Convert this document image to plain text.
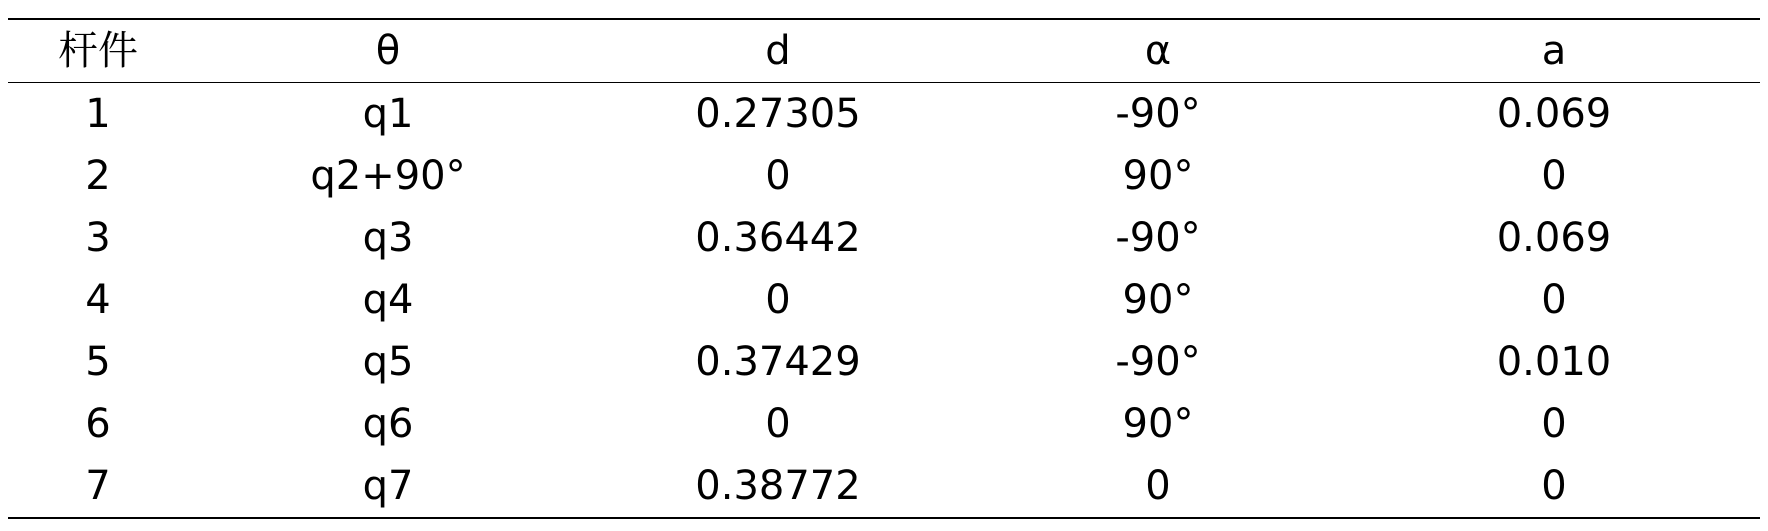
杆件	θ	d	α	a
1	q1	0.27305	-90°	0.069
2	q2+90°	0	90°	0
3	q3	0.36442	-90°	0.069
4	q4	0	90°	0
5	q5	0.37429	-90°	0.010
6	q6	0	90°	0
7	q7	0.38772	0	0
